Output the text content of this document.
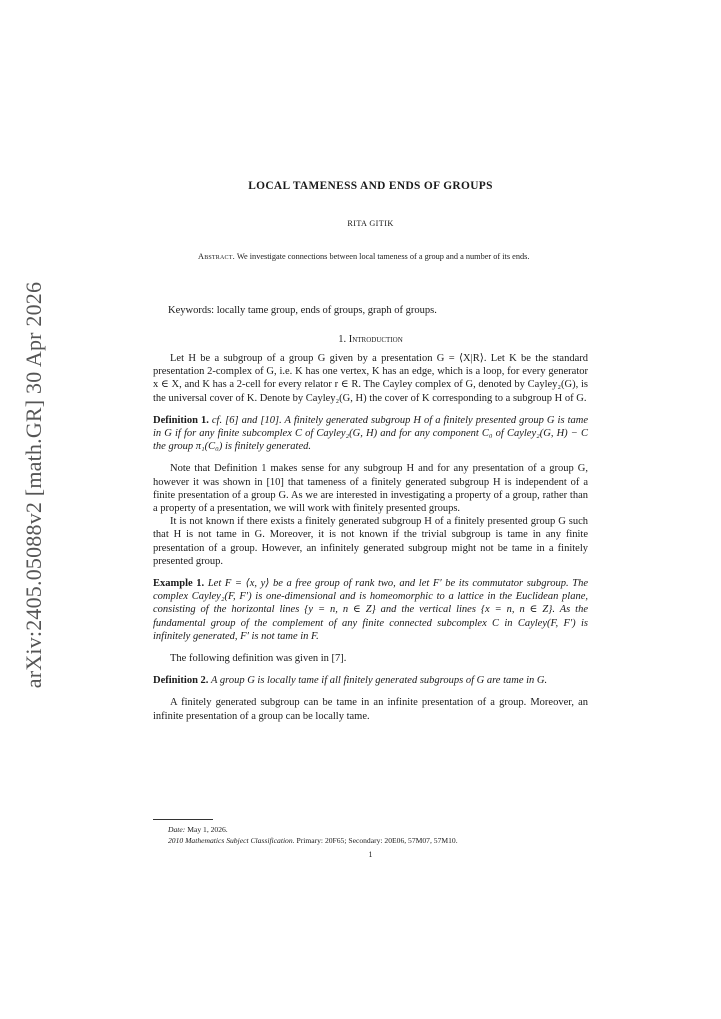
arXiv:2405.05088v2 [math.GR] 30 Apr 2026
LOCAL TAMENESS AND ENDS OF GROUPS
RITA GITIK
Abstract. We investigate connections between local tameness of a group and a number of its ends.
Keywords: locally tame group, ends of groups, graph of groups.
1. Introduction

Let H be a subgroup of a group G given by a presentation G = ⟨X|R⟩. Let K be the standard presentation 2-complex of G, i.e. K has one vertex, K has an edge, which is a loop, for every generator x ∈ X, and K has a 2-cell for every relator r ∈ R. The Cayley complex of G, denoted by Cayley₂(G), is the universal cover of K. Denote by Cayley₂(G, H) the cover of K corresponding to a subgroup H of G.

Definition 1. cf. [6] and [10]. A finitely generated subgroup H of a finitely presented group G is tame in G if for any finite subcomplex C of Cayley₂(G, H) and for any component C₀ of Cayley₂(G, H) − C the group π₁(C₀) is finitely generated.

Note that Definition 1 makes sense for any subgroup H and for any presentation of a group G, however it was shown in [10] that tameness of a finitely generated subgroup H is independent of a finite presentation of a group G. As we are interested in investigating a property of a group, rather than a property of a presentation, we will work with finitely presented groups.

It is not known if there exists a finitely generated subgroup H of a finitely presented group G such that H is not tame in G. Moreover, it is not known if the trivial subgroup is tame in any finite presentation of a group. However, an infinitely generated subgroup might not be tame in a finitely presented group.

Example 1. Let F = ⟨x, y⟩ be a free group of rank two, and let F′ be its commutator subgroup. The complex Cayley₂(F, F′) is one-dimensional and is homeomorphic to a lattice in the Euclidean plane, consisting of the horizontal lines {y = n, n ∈ Z} and the vertical lines {x = n, n ∈ Z}. As the fundamental group of the complement of any finite connected subcomplex C in Cayley(F, F′) is infinitely generated, F′ is not tame in F.

The following definition was given in [7].

Definition 2. A group G is locally tame if all finitely generated subgroups of G are tame in G.

A finitely generated subgroup can be tame in an infinite presentation of a group. Moreover, an infinite presentation of a group can be locally tame.

Date: May 1, 2026.

2010 Mathematics Subject Classification. Primary: 20F65; Secondary: 20E06, 57M07, 57M10.

1
